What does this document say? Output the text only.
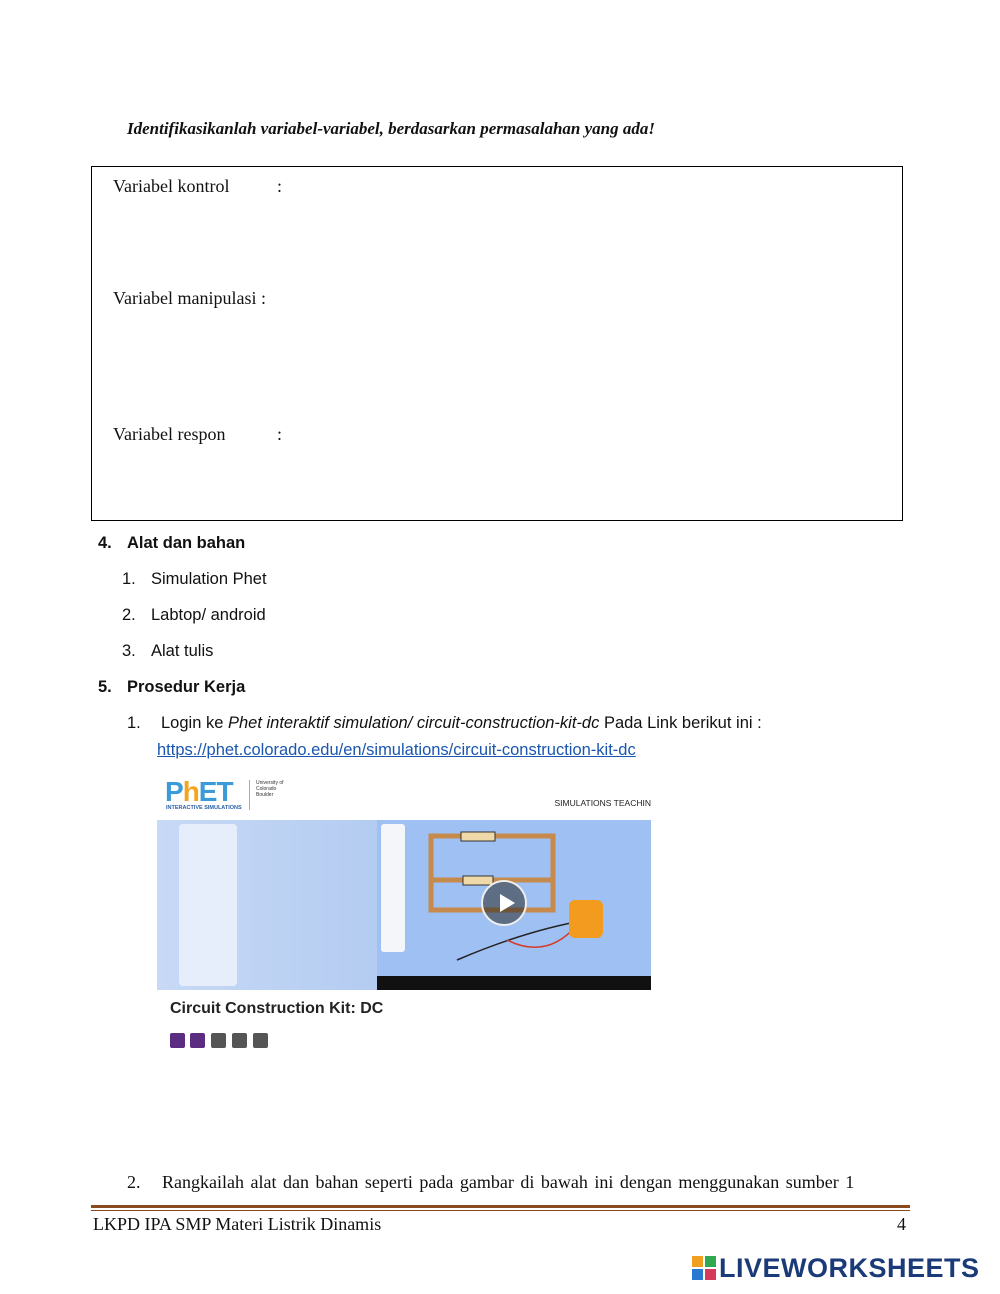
Identifikasikanlah variabel-variabel, berdasarkan permasalahan yang ada!
Variabel kontrol	:
Variabel manipulasi :
Variabel respon	:
4. Alat dan bahan
1. Simulation Phet
2. Labtop/ android
3. Alat tulis
5. Prosedur Kerja
1. Login ke Phet interaktif simulation/ circuit-construction-kit-dc Pada Link berikut ini :
https://phet.colorado.edu/en/simulations/circuit-construction-kit-dc
PhET
INTERACTIVE SIMULATIONS
University of Colorado Boulder
SIMULATIONS TEACHIN
Circuit Construction Kit: DC
2. Rangkailah alat dan bahan seperti pada gambar di bawah ini dengan menggunakan sumber 1
LKPD IPA SMP Materi Listrik Dinamis	4
LIVEWORKSHEETS
